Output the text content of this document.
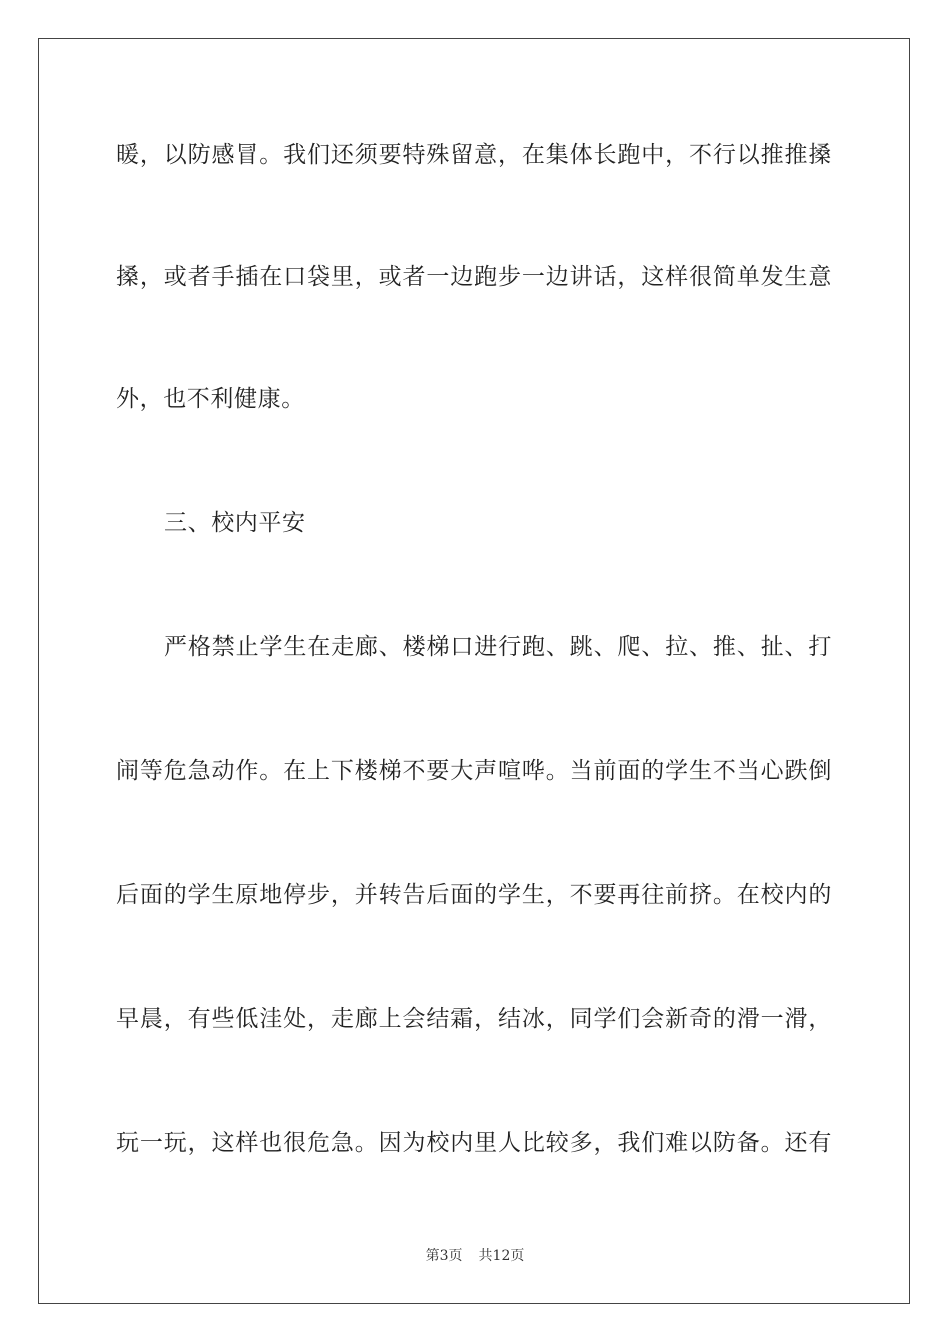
暖，以防感冒。我们还须要特殊留意，在集体长跑中，不行以推推搡
搡，或者手插在口袋里，或者一边跑步一边讲话，这样很简单发生意
外，也不利健康。
三、校内平安
严格禁止学生在走廊、楼梯口进行跑、跳、爬、拉、推、扯、打
闹等危急动作。在上下楼梯不要大声喧哗。当前面的学生不当心跌倒
后面的学生原地停步，并转告后面的学生，不要再往前挤。在校内的
早晨，有些低洼处，走廊上会结霜，结冰，同学们会新奇的滑一滑，
玩一玩，这样也很危急。因为校内里人比较多，我们难以防备。还有
第3页 共12页
